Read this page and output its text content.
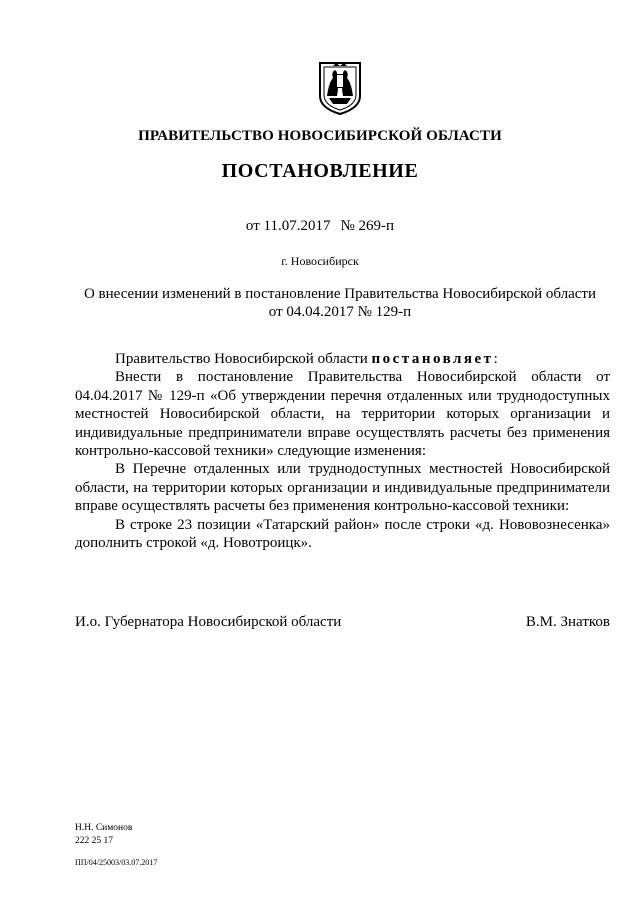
ПРАВИТЕЛЬСТВО НОВОСИБИРСКОЙ ОБЛАСТИ
ПОСТАНОВЛЕНИЕ
от 11.07.2017 № 269-п
г. Новосибирск
О внесении изменений в постановление Правительства Новосибирской области
от 04.04.2017 № 129-п

Правительство Новосибирской области постановляет:

Внести в постановление Правительства Новосибирской области от 04.04.2017 № 129-п «Об утверждении перечня отдаленных или труднодоступных местностей Новосибирской области, на территории которых организации и индивидуальные предприниматели вправе осуществлять расчеты без применения контрольно-кассовой техники» следующие изменения:

В Перечне отдаленных или труднодоступных местностей Новосибирской области, на территории которых организации и индивидуальные предприниматели вправе осуществлять расчеты без применения контрольно-кассовой техники:

В строке 23 позиции «Татарский район» после строки «д. Нововознесенка» дополнить строкой «д. Новотроицк».

И.о. Губернатора Новосибирской области	В.М. Знатков
Н.Н. Симонов
222 25 17
ПП/04/25003/03.07.2017
